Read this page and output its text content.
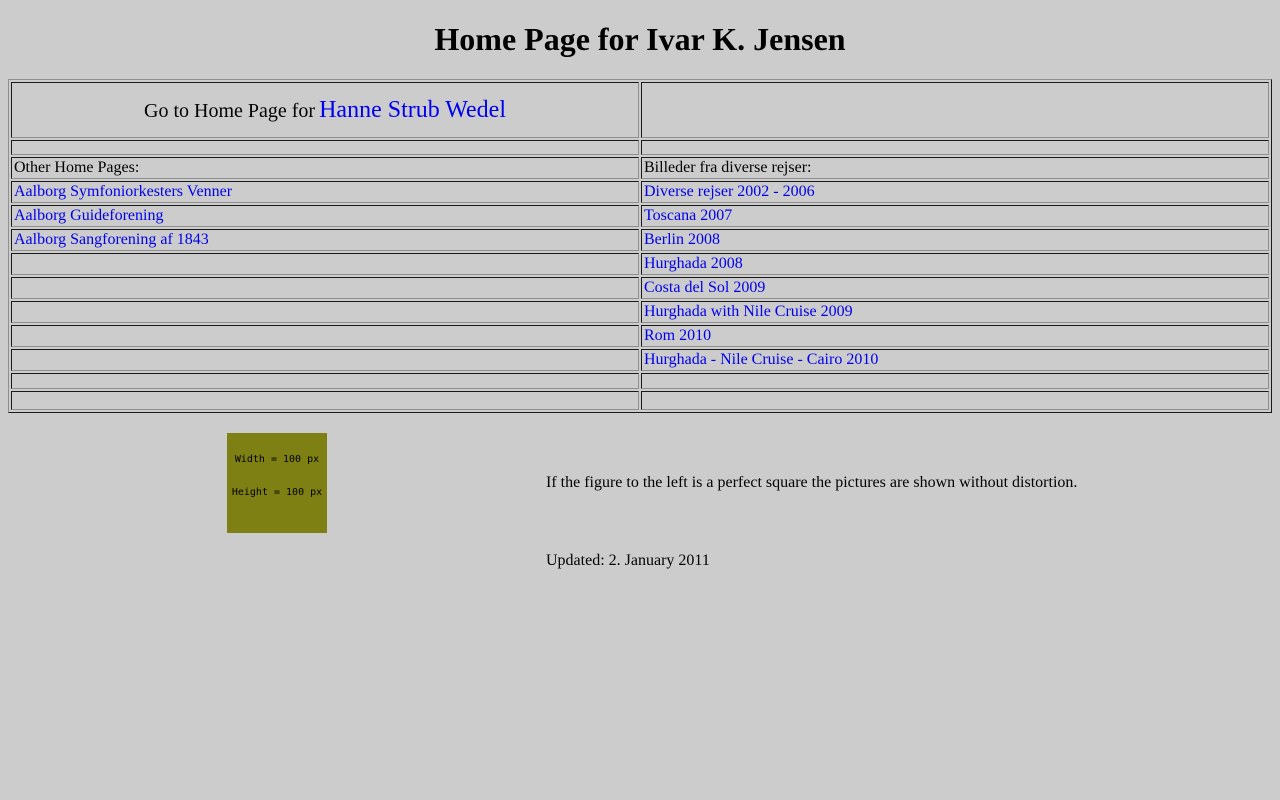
Home Page for Ivar K. Jensen
Go to Home Page for Hanne Strub Wedel	

Other Home Pages:	Billeder fra diverse rejser:
Aalborg Symfoniorkesters Venner	Diverse rejser 2002 - 2006
Aalborg Guideforening	Toscana 2007
Aalborg Sangforening af 1843	Berlin 2008
	Hurghada 2008
	Costa del Sol 2009
	Hurghada with Nile Cruise 2009
	Rom 2010
	Hurghada - Nile Cruise - Cairo 2010

Width = 100 px
Height = 100 px
If the figure to the left is a perfect square the pictures are shown without distortion.
Updated: 2. January 2011
